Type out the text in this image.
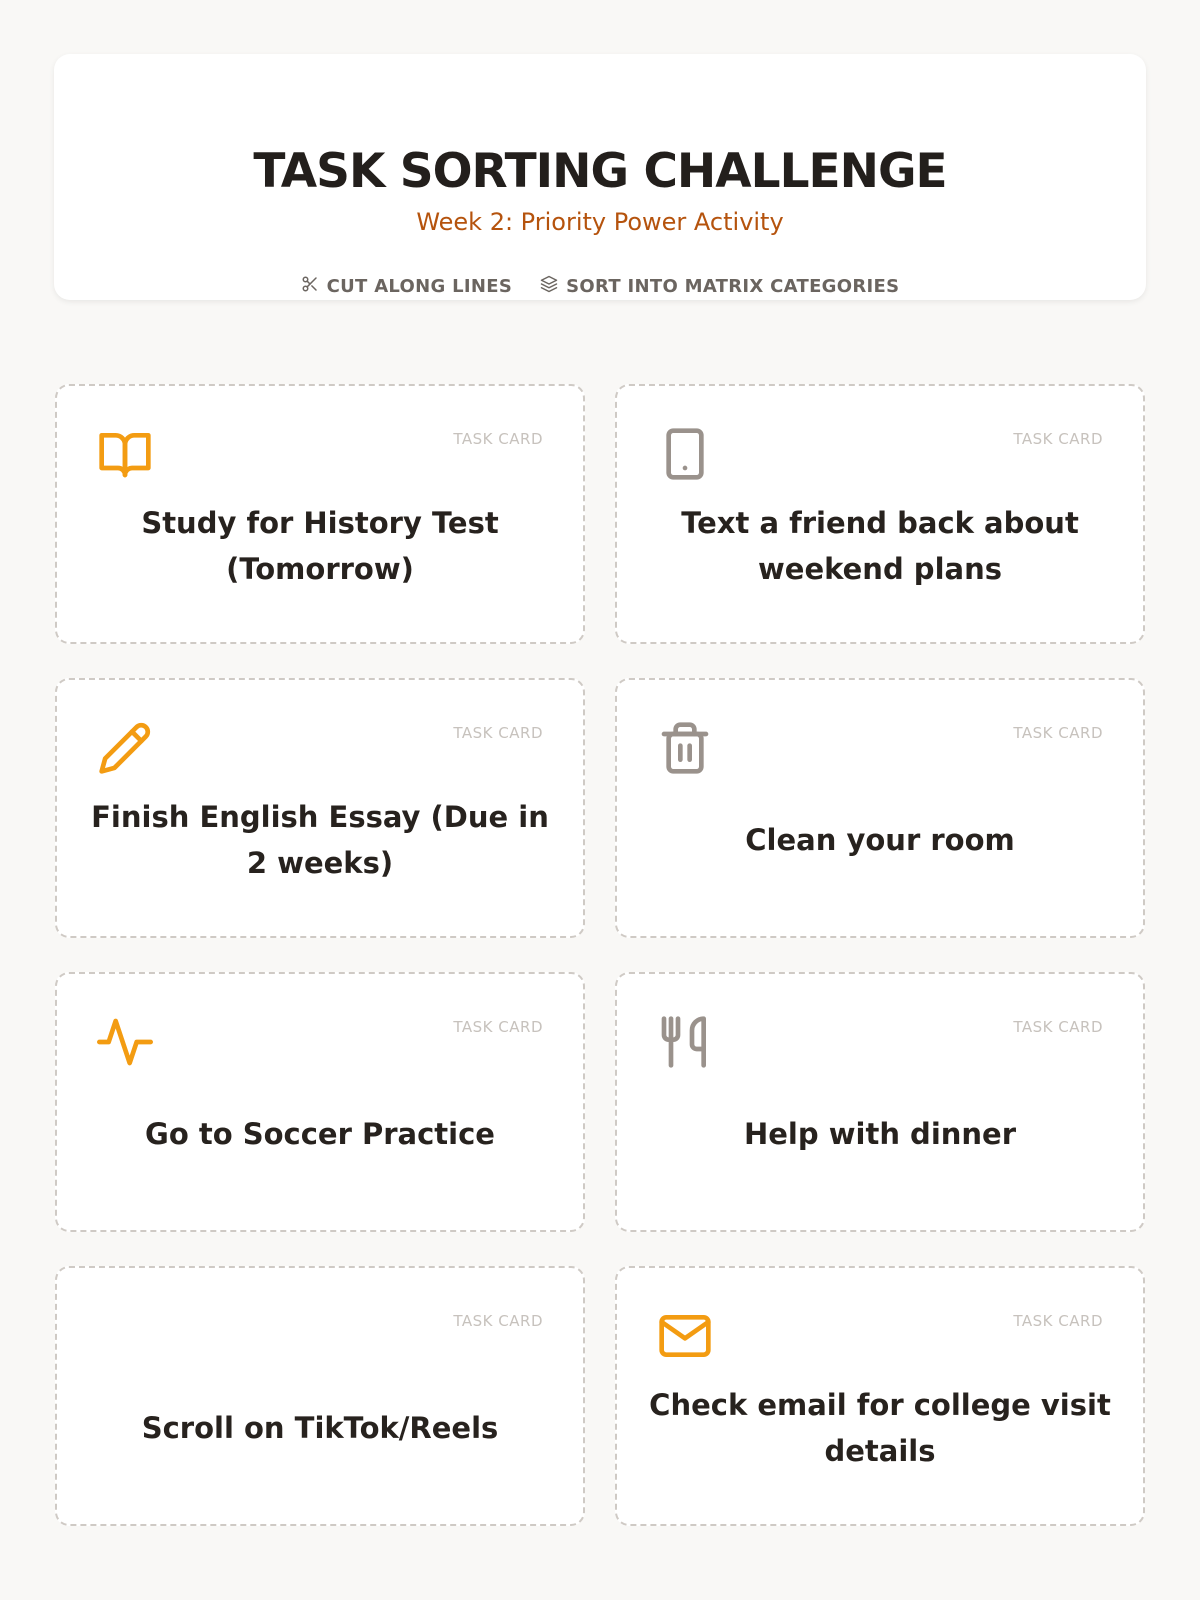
TASK SORTING CHALLENGE
Week 2: Priority Power Activity
CUT ALONG LINES	SORT INTO MATRIX CATEGORIES
TASK CARD
Study for History Test (Tomorrow)
TASK CARD
Text a friend back about weekend plans
TASK CARD
Finish English Essay (Due in 2 weeks)
TASK CARD
Clean your room
TASK CARD
Go to Soccer Practice
TASK CARD
Help with dinner
TASK CARD
Scroll on TikTok/Reels
TASK CARD
Check email for college visit details
